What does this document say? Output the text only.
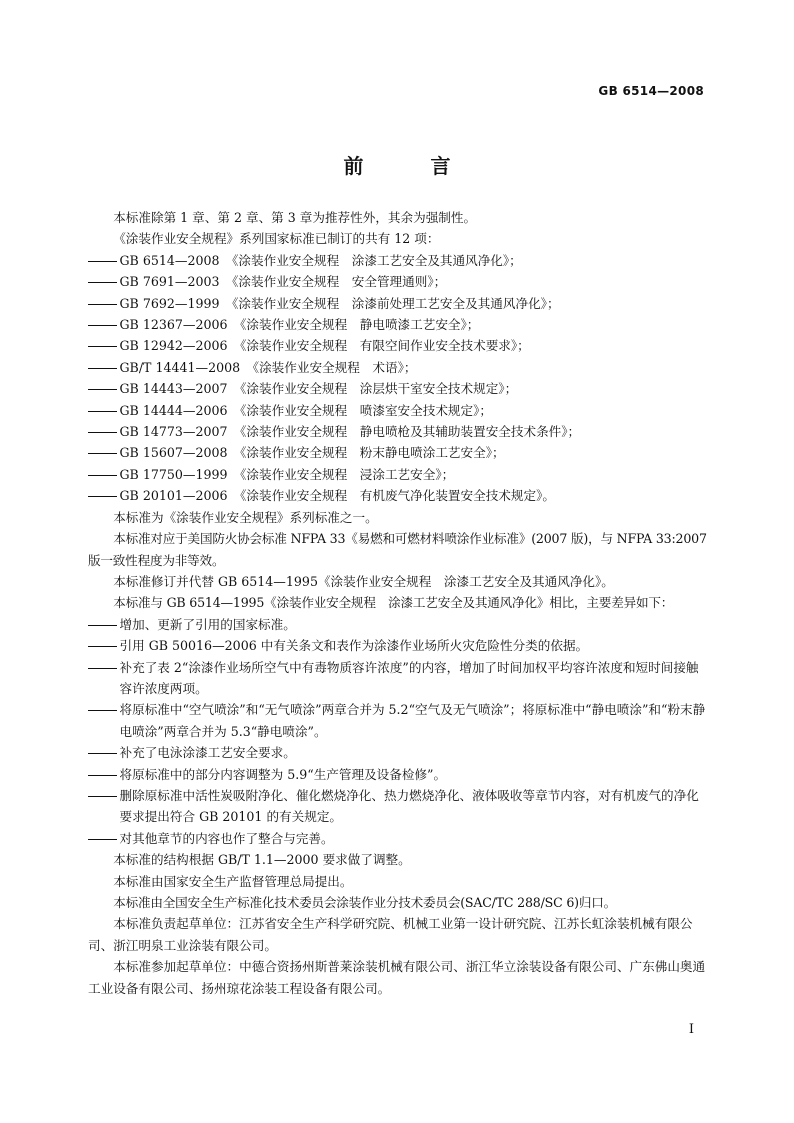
GB 6514—2008
前 言

本标准除第 1 章、第 2 章、第 3 章为推荐性外，其余为强制性。

《涂装作业安全规程》系列国家标准已制订的共有 12 项：

GB 6514—2008 《涂装作业安全规程　涂漆工艺安全及其通风净化》；

GB 7691—2003 《涂装作业安全规程　安全管理通则》；

GB 7692—1999 《涂装作业安全规程　涂漆前处理工艺安全及其通风净化》；

GB 12367—2006 《涂装作业安全规程　静电喷漆工艺安全》；

GB 12942—2006 《涂装作业安全规程　有限空间作业安全技术要求》；

GB/T 14441—2008 《涂装作业安全规程　术语》；

GB 14443—2007 《涂装作业安全规程　涂层烘干室安全技术规定》；

GB 14444—2006 《涂装作业安全规程　喷漆室安全技术规定》；

GB 14773—2007 《涂装作业安全规程　静电喷枪及其辅助装置安全技术条件》；

GB 15607—2008 《涂装作业安全规程　粉末静电喷涂工艺安全》；

GB 17750—1999 《涂装作业安全规程　浸涂工艺安全》；

GB 20101—2006 《涂装作业安全规程　有机废气净化装置安全技术规定》。

本标准为《涂装作业安全规程》系列标准之一。

本标准对应于美国防火协会标准 NFPA 33《易燃和可燃材料喷涂作业标准》(2007 版)，与 NFPA 33:2007版一致性程度为非等效。

本标准修订并代替 GB 6514—1995《涂装作业安全规程　涂漆工艺安全及其通风净化》。

本标准与 GB 6514—1995《涂装作业安全规程　涂漆工艺安全及其通风净化》相比，主要差异如下：

增加、更新了引用的国家标准。

引用 GB 50016—2006 中有关条文和表作为涂漆作业场所火灾危险性分类的依据。

补充了表 2“涂漆作业场所空气中有毒物质容许浓度”的内容，增加了时间加权平均容许浓度和短时间接触容许浓度两项。

将原标准中“空气喷涂”和“无气喷涂”两章合并为 5.2“空气及无气喷涂”；将原标准中“静电喷涂”和“粉末静电喷涂”两章合并为 5.3“静电喷涂”。

补充了电泳涂漆工艺安全要求。

将原标准中的部分内容调整为 5.9“生产管理及设备检修”。

删除原标准中活性炭吸附净化、催化燃烧净化、热力燃烧净化、液体吸收等章节内容，对有机废气的净化要求提出符合 GB 20101 的有关规定。

对其他章节的内容也作了整合与完善。

本标准的结构根据 GB/T 1.1—2000 要求做了调整。

本标准由国家安全生产监督管理总局提出。

本标准由全国安全生产标准化技术委员会涂装作业分技术委员会(SAC/TC 288/SC 6)归口。

本标准负责起草单位：江苏省安全生产科学研究院、机械工业第一设计研究院、江苏长虹涂装机械有限公司、浙江明泉工业涂装有限公司。

本标准参加起草单位：中德合资扬州斯普莱涂装机械有限公司、浙江华立涂装设备有限公司、广东佛山奥通工业设备有限公司、扬州琼花涂装工程设备有限公司。

I
